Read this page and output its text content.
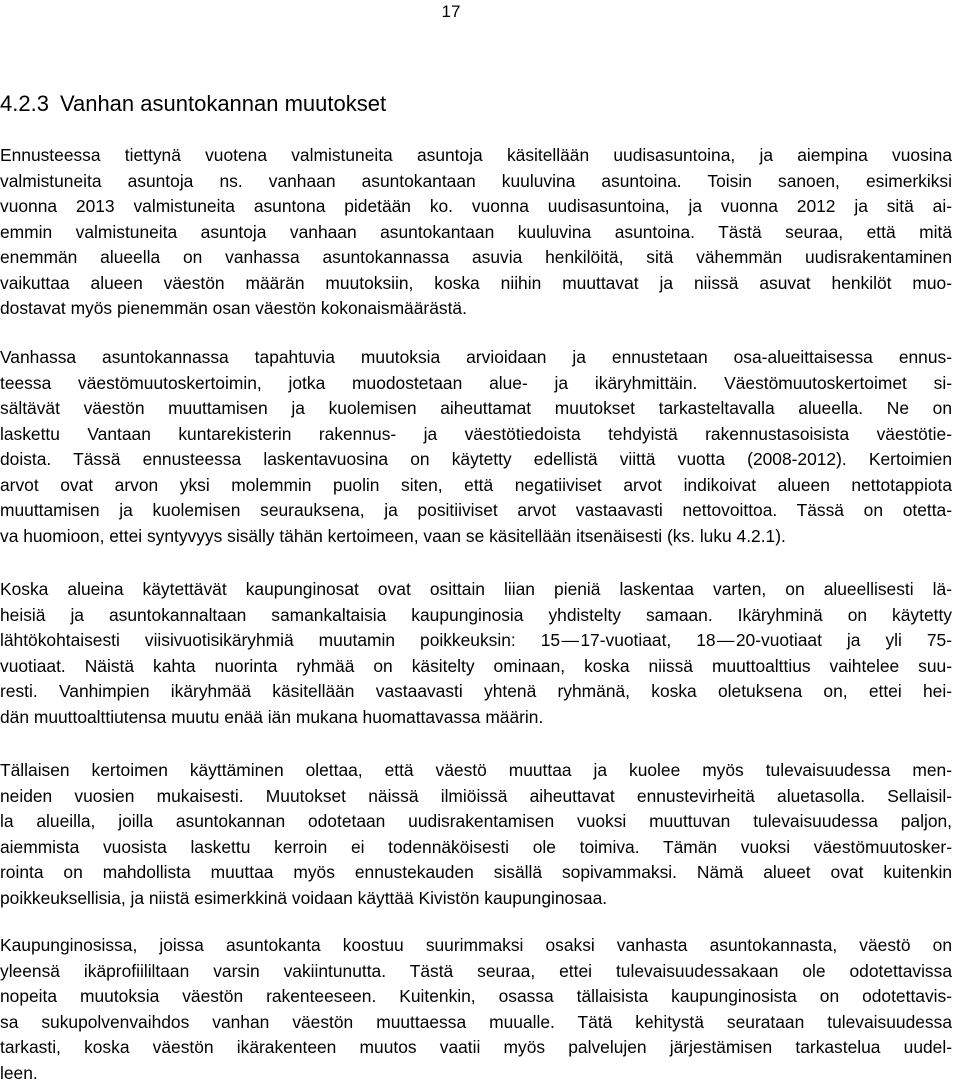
17
4.2.3 Vanhan asuntokannan muutokset
Ennusteessa tiettynä vuotena valmistuneita asuntoja käsitellään uudisasuntoina, ja aiempina vuosina
valmistuneita asuntoja ns. vanhaan asuntokantaan kuuluvina asuntoina. Toisin sanoen, esimerkiksi
vuonna 2013 valmistuneita asuntona pidetään ko. vuonna uudisasuntoina, ja vuonna 2012 ja sitä ai-
emmin valmistuneita asuntoja vanhaan asuntokantaan kuuluvina asuntoina. Tästä seuraa, että mitä
enemmän alueella on vanhassa asuntokannassa asuvia henkilöitä, sitä vähemmän uudisrakentaminen
vaikuttaa alueen väestön määrän muutoksiin, koska niihin muuttavat ja niissä asuvat henkilöt muo-
dostavat myös pienemmän osan väestön kokonaismäärästä.
Vanhassa asuntokannassa tapahtuvia muutoksia arvioidaan ja ennustetaan osa-alueittaisessa ennus-
teessa väestömuutoskertoimin, jotka muodostetaan alue- ja ikäryhmittäin. Väestömuutoskertoimet si-
sältävät väestön muuttamisen ja kuolemisen aiheuttamat muutokset tarkasteltavalla alueella. Ne on
laskettu Vantaan kuntarekisterin rakennus- ja väestötiedoista tehdyistä rakennustasoisista väestötie-
doista. Tässä ennusteessa laskentavuosina on käytetty edellistä viittä vuotta (2008-2012). Kertoimien
arvot ovat arvon yksi molemmin puolin siten, että negatiiviset arvot indikoivat alueen nettotappiota
muuttamisen ja kuolemisen seurauksena, ja positiiviset arvot vastaavasti nettovoittoa. Tässä on otetta-
va huomioon, ettei syntyvyys sisälly tähän kertoimeen, vaan se käsitellään itsenäisesti (ks. luku 4.2.1).
Koska alueina käytettävät kaupunginosat ovat osittain liian pieniä laskentaa varten, on alueellisesti lä-
heisiä ja asuntokannaltaan samankaltaisia kaupunginosia yhdistelty samaan. Ikäryhminä on käytetty
lähtökohtaisesti viisivuotisikäryhmiä muutamin poikkeuksin: 15 — 17-vuotiaat, 18 — 20-vuotiaat ja yli 75-
vuotiaat. Näistä kahta nuorinta ryhmää on käsitelty ominaan, koska niissä muuttoalttius vaihtelee suu-
resti. Vanhimpien ikäryhmää käsitellään vastaavasti yhtenä ryhmänä, koska oletuksena on, ettei hei-
dän muuttoalttiutensa muutu enää iän mukana huomattavassa määrin.
Tällaisen kertoimen käyttäminen olettaa, että väestö muuttaa ja kuolee myös tulevaisuudessa men-
neiden vuosien mukaisesti. Muutokset näissä ilmiöissä aiheuttavat ennustevirheitä aluetasolla. Sellaisil-
la alueilla, joilla asuntokannan odotetaan uudisrakentamisen vuoksi muuttuvan tulevaisuudessa paljon,
aiemmista vuosista laskettu kerroin ei todennäköisesti ole toimiva. Tämän vuoksi väestömuutosker-
rointa on mahdollista muuttaa myös ennustekauden sisällä sopivammaksi. Nämä alueet ovat kuitenkin
poikkeuksellisia, ja niistä esimerkkinä voidaan käyttää Kivistön kaupunginosaa.
Kaupunginosissa, joissa asuntokanta koostuu suurimmaksi osaksi vanhasta asuntokannasta, väestö on
yleensä ikäprofiililtaan varsin vakiintunutta. Tästä seuraa, ettei tulevaisuudessakaan ole odotettavissa
nopeita muutoksia väestön rakenteeseen. Kuitenkin, osassa tällaisista kaupunginosista on odotettavis-
sa sukupolvenvaihdos vanhan väestön muuttaessa muualle. Tätä kehitystä seurataan tulevaisuudessa
tarkasti, koska väestön ikärakenteen muutos vaatii myös palvelujen järjestämisen tarkastelua uudel-
leen.
